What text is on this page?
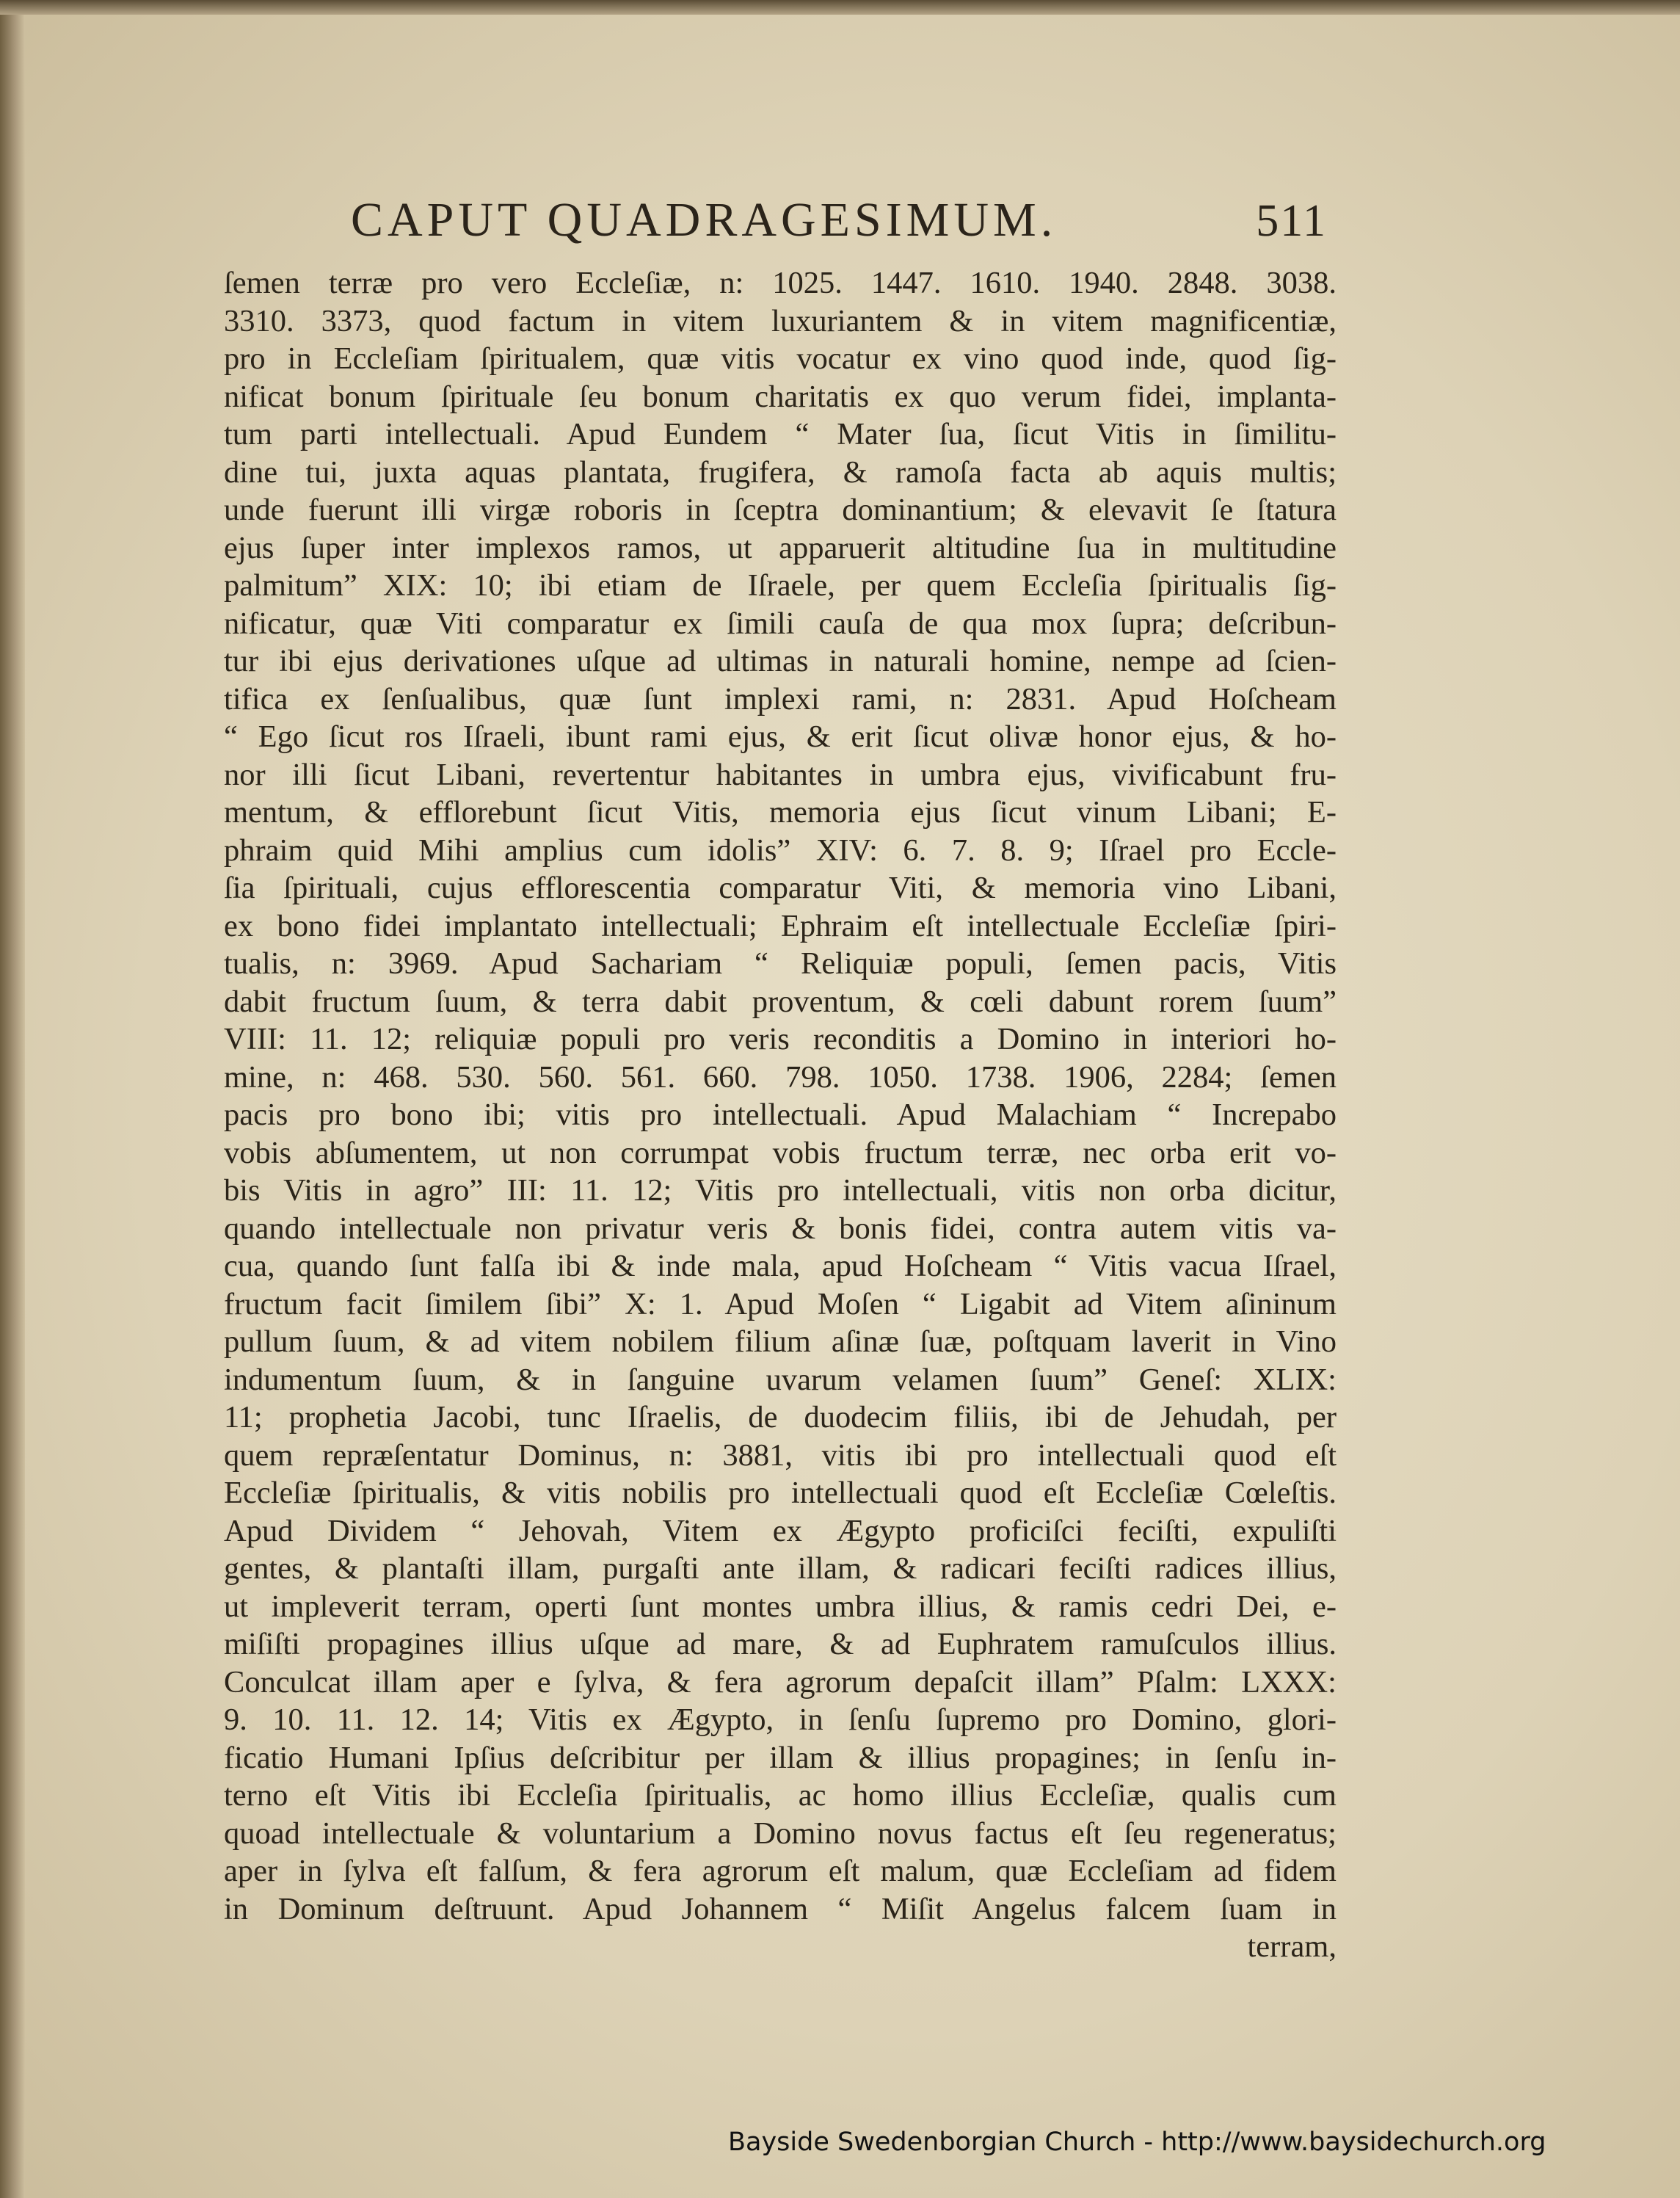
CAPUT QUADRAGESIMUM.	511
ſemen terræ pro vero Eccleſiæ, n: 1025. 1447. 1610. 1940. 2848. 3038.
3310. 3373, quod factum in vitem luxuriantem & in vitem magnificentiæ,
pro in Eccleſiam ſpiritualem, quæ vitis vocatur ex vino quod inde, quod ſig-
nificat bonum ſpirituale ſeu bonum charitatis ex quo verum fidei, implanta-
tum parti intellectuali. Apud Eundem “ Mater ſua, ſicut Vitis in ſimilitu-
dine tui, juxta aquas plantata, frugifera, & ramoſa facta ab aquis multis;
unde fuerunt illi virgæ roboris in ſceptra dominantium; & elevavit ſe ſtatura
ejus ſuper inter implexos ramos, ut apparuerit altitudine ſua in multitudine
palmitum” XIX: 10; ibi etiam de Iſraele, per quem Eccleſia ſpiritualis ſig-
nificatur, quæ Viti comparatur ex ſimili cauſa de qua mox ſupra; deſcribun-
tur ibi ejus derivationes uſque ad ultimas in naturali homine, nempe ad ſcien-
tifica ex ſenſualibus, quæ ſunt implexi rami, n: 2831. Apud Hoſcheam
“ Ego ſicut ros Iſraeli, ibunt rami ejus, & erit ſicut olivæ honor ejus, & ho-
nor illi ſicut Libani, revertentur habitantes in umbra ejus, vivificabunt fru-
mentum, & efflorebunt ſicut Vitis, memoria ejus ſicut vinum Libani; E-
phraim quid Mihi amplius cum idolis” XIV: 6. 7. 8. 9; Iſrael pro Eccle-
ſia ſpirituali, cujus efflorescentia comparatur Viti, & memoria vino Libani,
ex bono fidei implantato intellectuali; Ephraim eſt intellectuale Eccleſiæ ſpiri-
tualis, n: 3969. Apud Sachariam “ Reliquiæ populi, ſemen pacis, Vitis
dabit fructum ſuum, & terra dabit proventum, & cœli dabunt rorem ſuum”
VIII: 11. 12; reliquiæ populi pro veris reconditis a Domino in interiori ho-
mine, n: 468. 530. 560. 561. 660. 798. 1050. 1738. 1906, 2284; ſemen
pacis pro bono ibi; vitis pro intellectuali. Apud Malachiam “ Increpabo
vobis abſumentem, ut non corrumpat vobis fructum terræ, nec orba erit vo-
bis Vitis in agro” III: 11. 12; Vitis pro intellectuali, vitis non orba dicitur,
quando intellectuale non privatur veris & bonis fidei, contra autem vitis va-
cua, quando ſunt falſa ibi & inde mala, apud Hoſcheam “ Vitis vacua Iſrael,
fructum facit ſimilem ſibi” X: 1. Apud Moſen “ Ligabit ad Vitem aſininum
pullum ſuum, & ad vitem nobilem filium aſinæ ſuæ, poſtquam laverit in Vino
indumentum ſuum, & in ſanguine uvarum velamen ſuum” Geneſ: XLIX:
11; prophetia Jacobi, tunc Iſraelis, de duodecim filiis, ibi de Jehudah, per
quem repræſentatur Dominus, n: 3881, vitis ibi pro intellectuali quod eſt
Eccleſiæ ſpiritualis, & vitis nobilis pro intellectuali quod eſt Eccleſiæ Cœleſtis.
Apud Dividem “ Jehovah, Vitem ex Ægypto proficiſci feciſti, expuliſti
gentes, & plantaſti illam, purgaſti ante illam, & radicari feciſti radices illius,
ut impleverit terram, operti ſunt montes umbra illius, & ramis cedri Dei, e-
miſiſti propagines illius uſque ad mare, & ad Euphratem ramuſculos illius.
Conculcat illam aper e ſylva, & fera agrorum depaſcit illam” Pſalm: LXXX:
9. 10. 11. 12. 14; Vitis ex Ægypto, in ſenſu ſupremo pro Domino, glori-
ficatio Humani Ipſius deſcribitur per illam & illius propagines; in ſenſu in-
terno eſt Vitis ibi Eccleſia ſpiritualis, ac homo illius Eccleſiæ, qualis cum
quoad intellectuale & voluntarium a Domino novus factus eſt ſeu regeneratus;
aper in ſylva eſt falſum, & fera agrorum eſt malum, quæ Eccleſiam ad fidem
in Dominum deſtruunt. Apud Johannem “ Miſit Angelus falcem ſuam in
terram,
Bayside Swedenborgian Church - http://www.baysidechurch.org
